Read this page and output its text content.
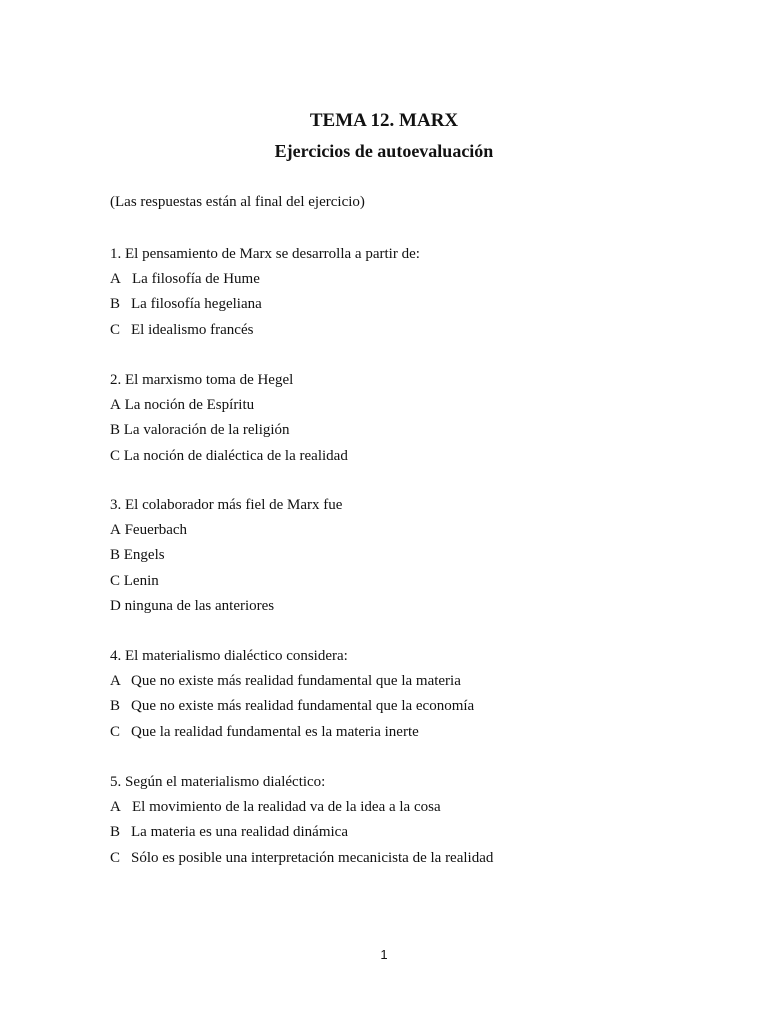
TEMA 12. MARX
Ejercicios de autoevaluación
(Las respuestas están al final del ejercicio)
1. El pensamiento de Marx se desarrolla a partir de:
A La filosofía de Hume
B La filosofía hegeliana
C El idealismo francés
2. El marxismo toma de Hegel
A La noción de Espíritu
B La valoración de la religión
C La noción de dialéctica de la realidad
3. El colaborador más fiel de Marx fue
A Feuerbach
B Engels
C Lenin
D ninguna de las anteriores
4. El materialismo dialéctico considera:
A Que no existe más realidad fundamental que la materia
B Que no existe más realidad fundamental que la economía
C Que la realidad fundamental es la materia inerte
5. Según el materialismo dialéctico:
A El movimiento de la realidad va de la idea a la cosa
B La materia es una realidad dinámica
C Sólo es posible una interpretación mecanicista de la realidad
1
